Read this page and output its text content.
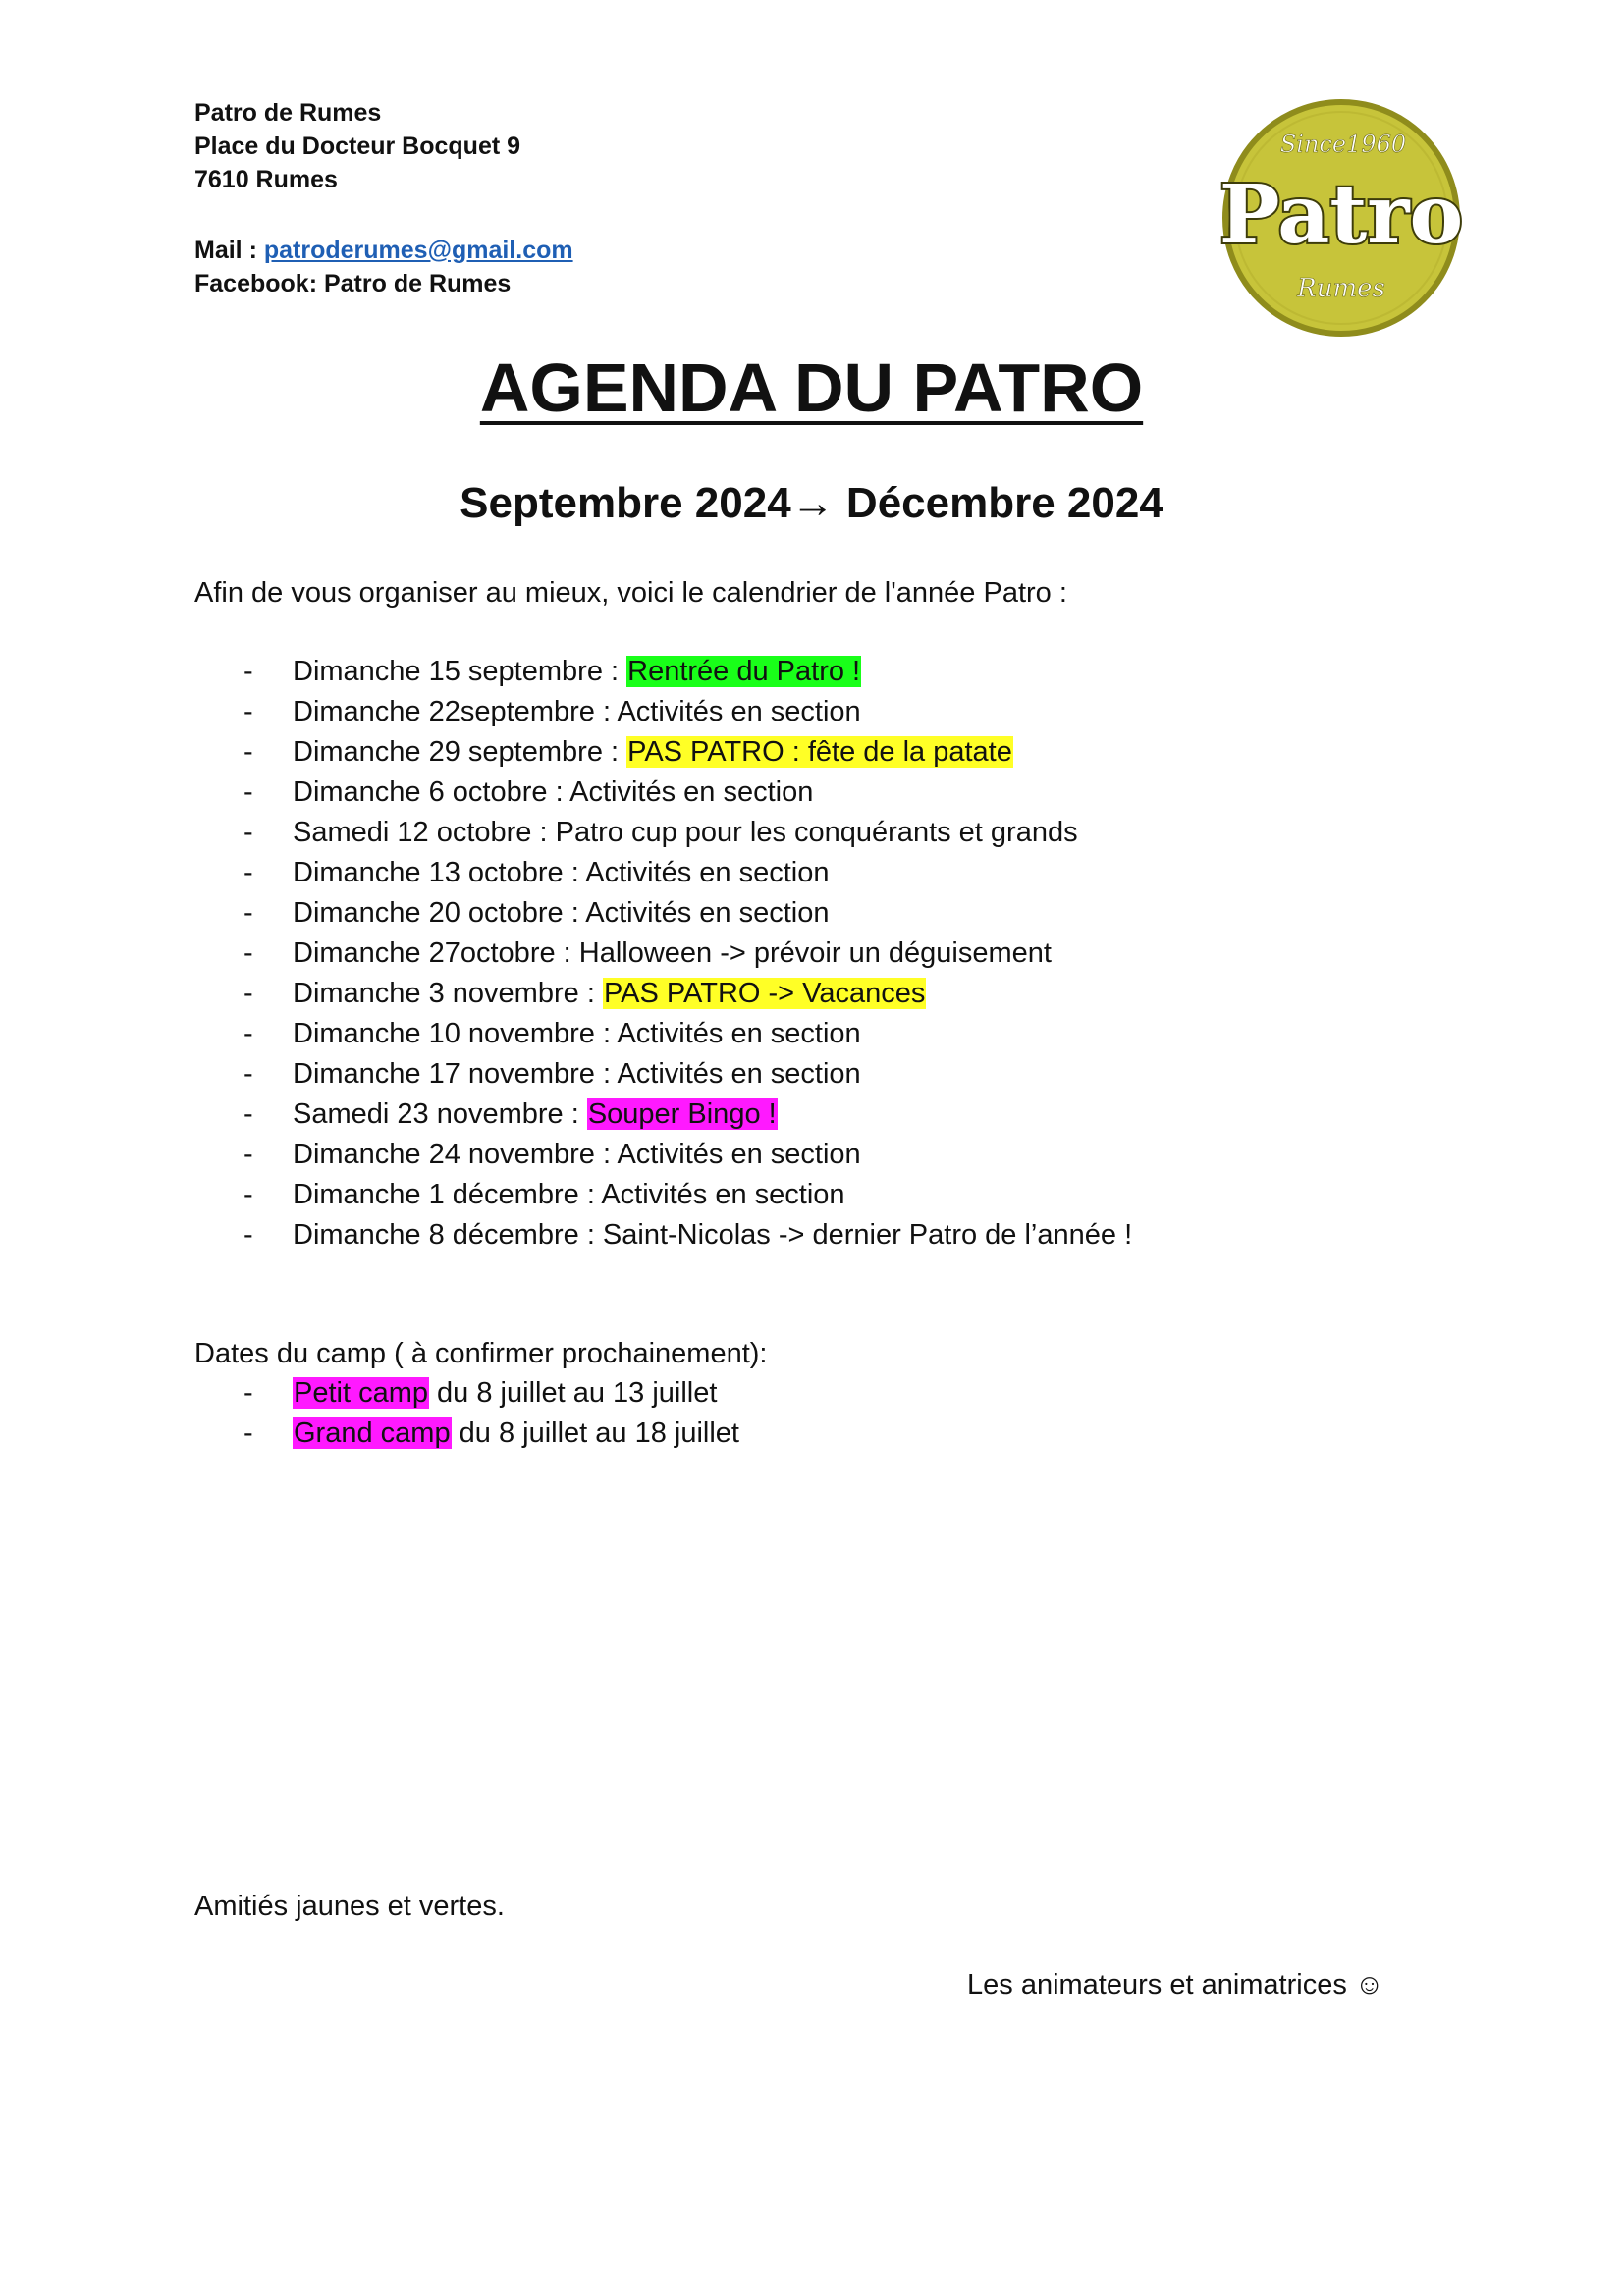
Patro de Rumes
Place du Docteur Bocquet 9
7610 Rumes
Mail : patroderumes@gmail.com
Facebook: Patro de Rumes
Since1960
Patro
Rumes
AGENDA DU PATRO
Septembre 2024→ Décembre 2024
Afin de vous organiser au mieux, voici le calendrier de l'année Patro :
- Dimanche 15 septembre : Rentrée du Patro !
- Dimanche 22septembre : Activités en section
- Dimanche 29 septembre : PAS PATRO : fête de la patate
- Dimanche 6 octobre : Activités en section
- Samedi 12 octobre : Patro cup pour les conquérants et grands
- Dimanche 13 octobre : Activités en section
- Dimanche 20 octobre : Activités en section
- Dimanche 27octobre : Halloween -> prévoir un déguisement
- Dimanche 3 novembre : PAS PATRO -> Vacances
- Dimanche 10 novembre : Activités en section
- Dimanche 17 novembre : Activités en section
- Samedi 23 novembre : Souper Bingo !
- Dimanche 24 novembre : Activités en section
- Dimanche 1 décembre : Activités en section
- Dimanche 8 décembre : Saint-Nicolas -> dernier Patro de l’année !
Dates du camp ( à confirmer prochainement):
- Petit camp du 8 juillet au 13 juillet
- Grand camp du 8 juillet au 18 juillet
Amitiés jaunes et vertes.
Les animateurs et animatrices ☺
